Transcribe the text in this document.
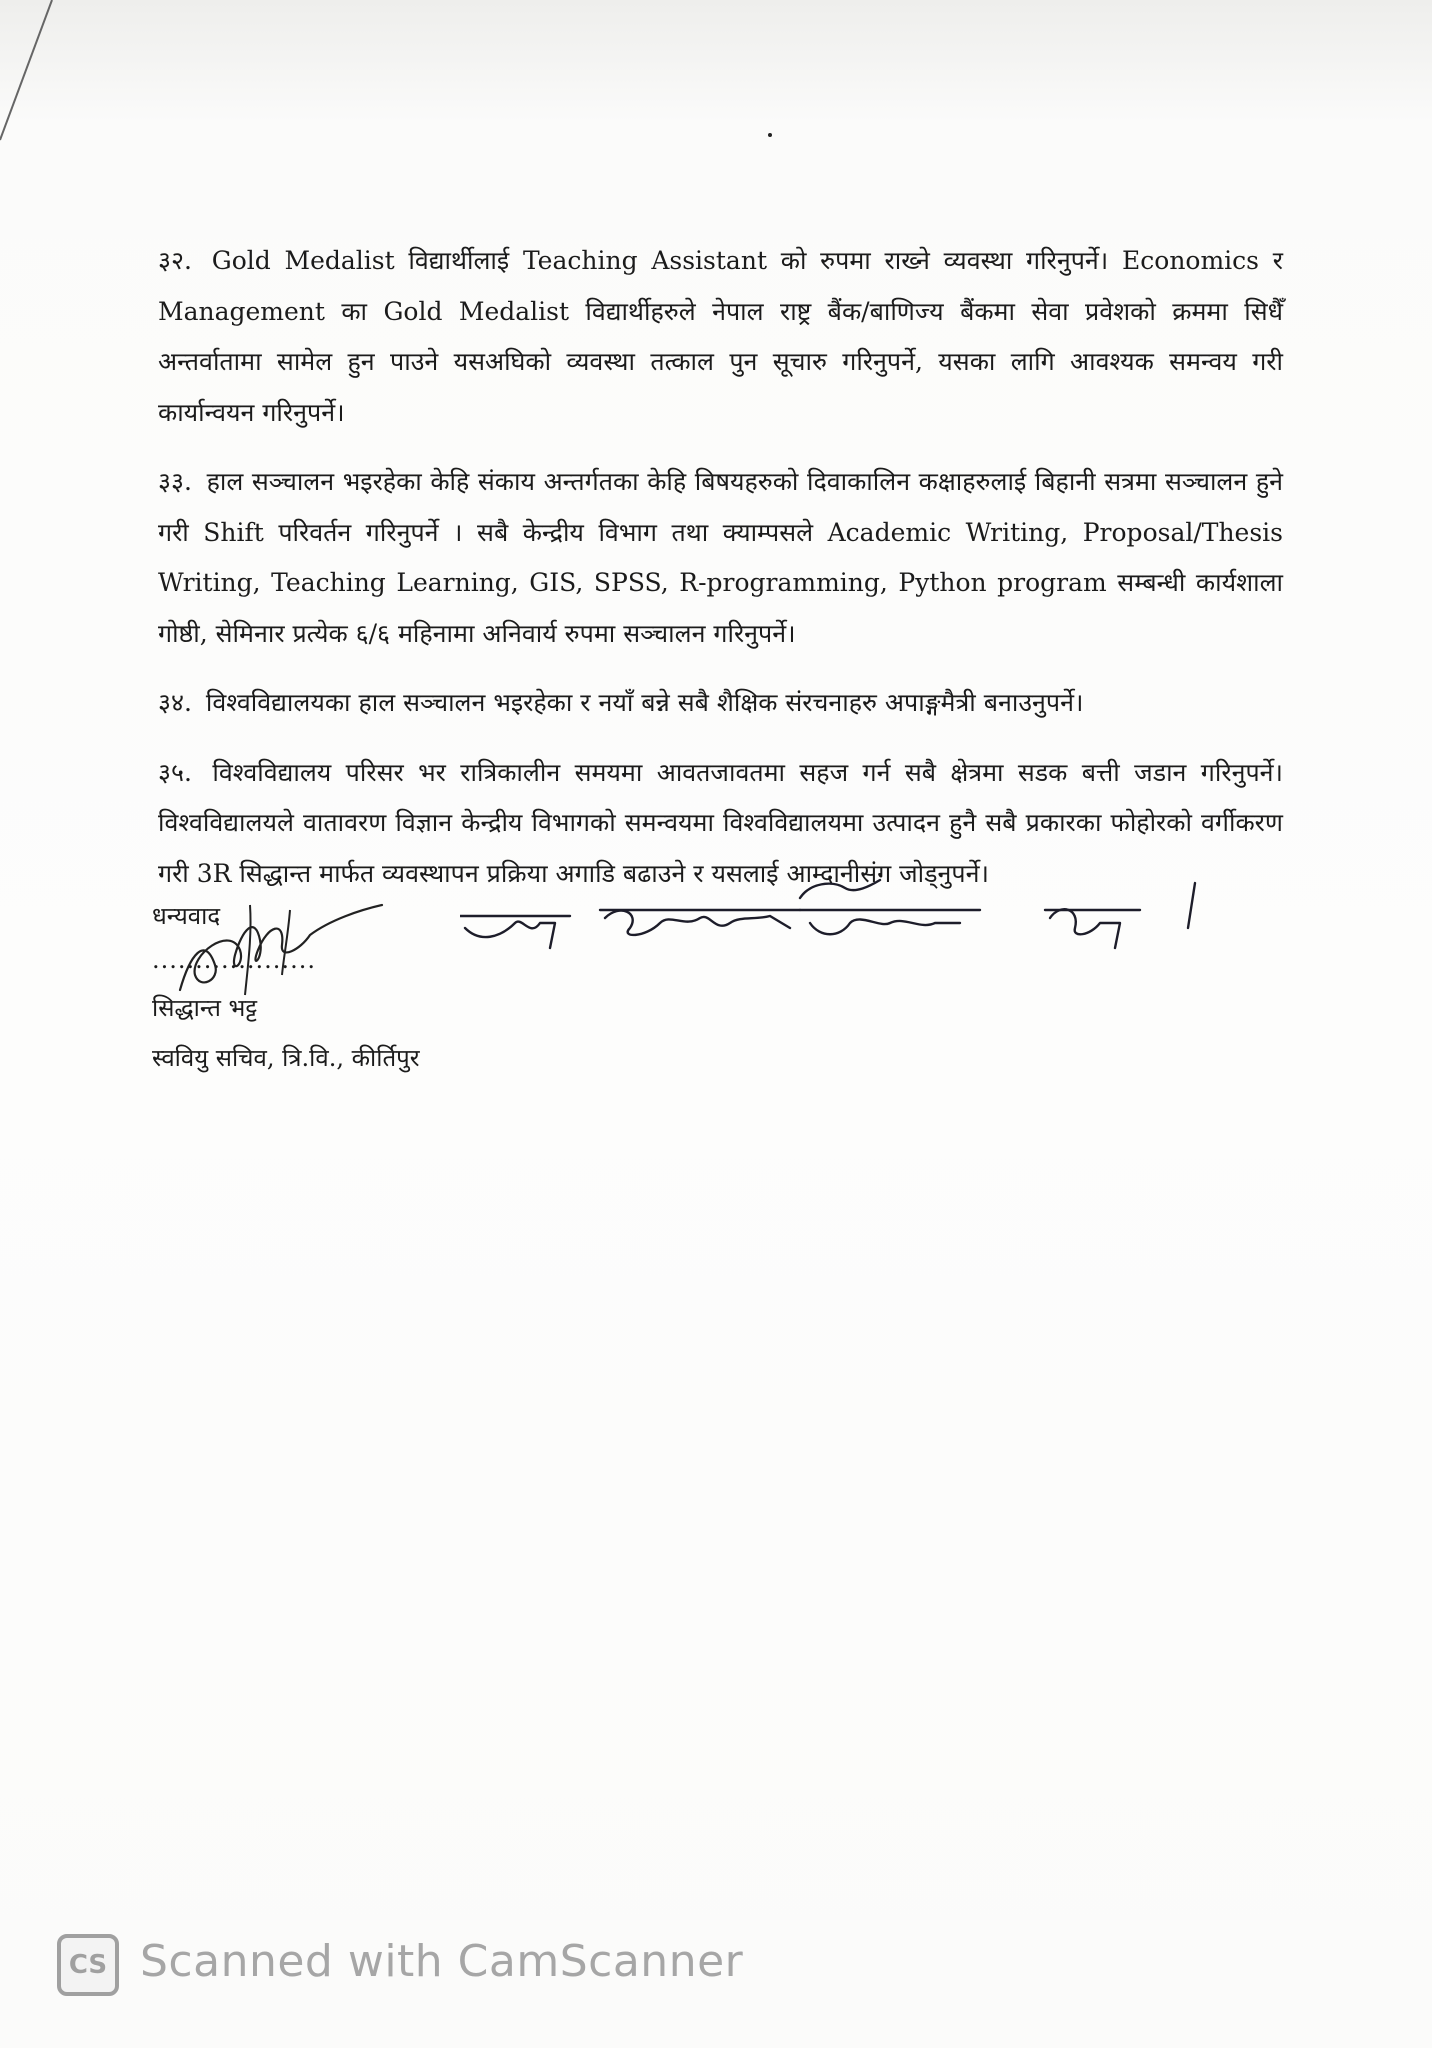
३२. Gold Medalist विद्यार्थीलाई Teaching Assistant को रुपमा राख्ने व्यवस्था गरिनुपर्ने। Economics र Management का Gold Medalist विद्यार्थीहरुले नेपाल राष्ट्र बैंक/बाणिज्य बैंकमा सेवा प्रवेशको क्रममा सिधैँ अन्तर्वातामा सामेल हुन पाउने यसअघिको व्यवस्था तत्काल पुन सूचारु गरिनुपर्ने, यसका लागि आवश्यक समन्वय गरी कार्यान्वयन गरिनुपर्ने।

३३. हाल सञ्चालन भइरहेका केहि संकाय अन्तर्गतका केहि बिषयहरुको दिवाकालिन कक्षाहरुलाई बिहानी सत्रमा सञ्चालन हुने गरी Shift परिवर्तन गरिनुपर्ने । सबै केन्द्रीय विभाग तथा क्याम्पसले Academic Writing, Proposal/Thesis Writing, Teaching Learning, GIS, SPSS, R-programming, Python program सम्बन्धी कार्यशाला गोष्ठी, सेमिनार प्रत्येक ६/६ महिनामा अनिवार्य रुपमा सञ्चालन गरिनुपर्ने।

३४. विश्वविद्यालयका हाल सञ्चालन भइरहेका र नयाँ बन्ने सबै शैक्षिक संरचनाहरु अपाङ्गमैत्री बनाउनुपर्ने।

३५. विश्वविद्यालय परिसर भर रात्रिकालीन समयमा आवतजावतमा सहज गर्न सबै क्षेत्रमा सडक बत्ती जडान गरिनुपर्ने। विश्वविद्यालयले वातावरण विज्ञान केन्द्रीय विभागको समन्वयमा विश्वविद्यालयमा उत्पादन हुनै सबै प्रकारका फोहोरको वर्गीकरण गरी 3R सिद्धान्त मार्फत व्यवस्थापन प्रक्रिया अगाडि बढाउने र यसलाई आम्दानीसंग जोड्नुपर्ने।

धन्यवाद
...................
सिद्धान्त भट्ट
स्ववियु सचिव, त्रि.वि., कीर्तिपुर
CS Scanned with CamScanner
